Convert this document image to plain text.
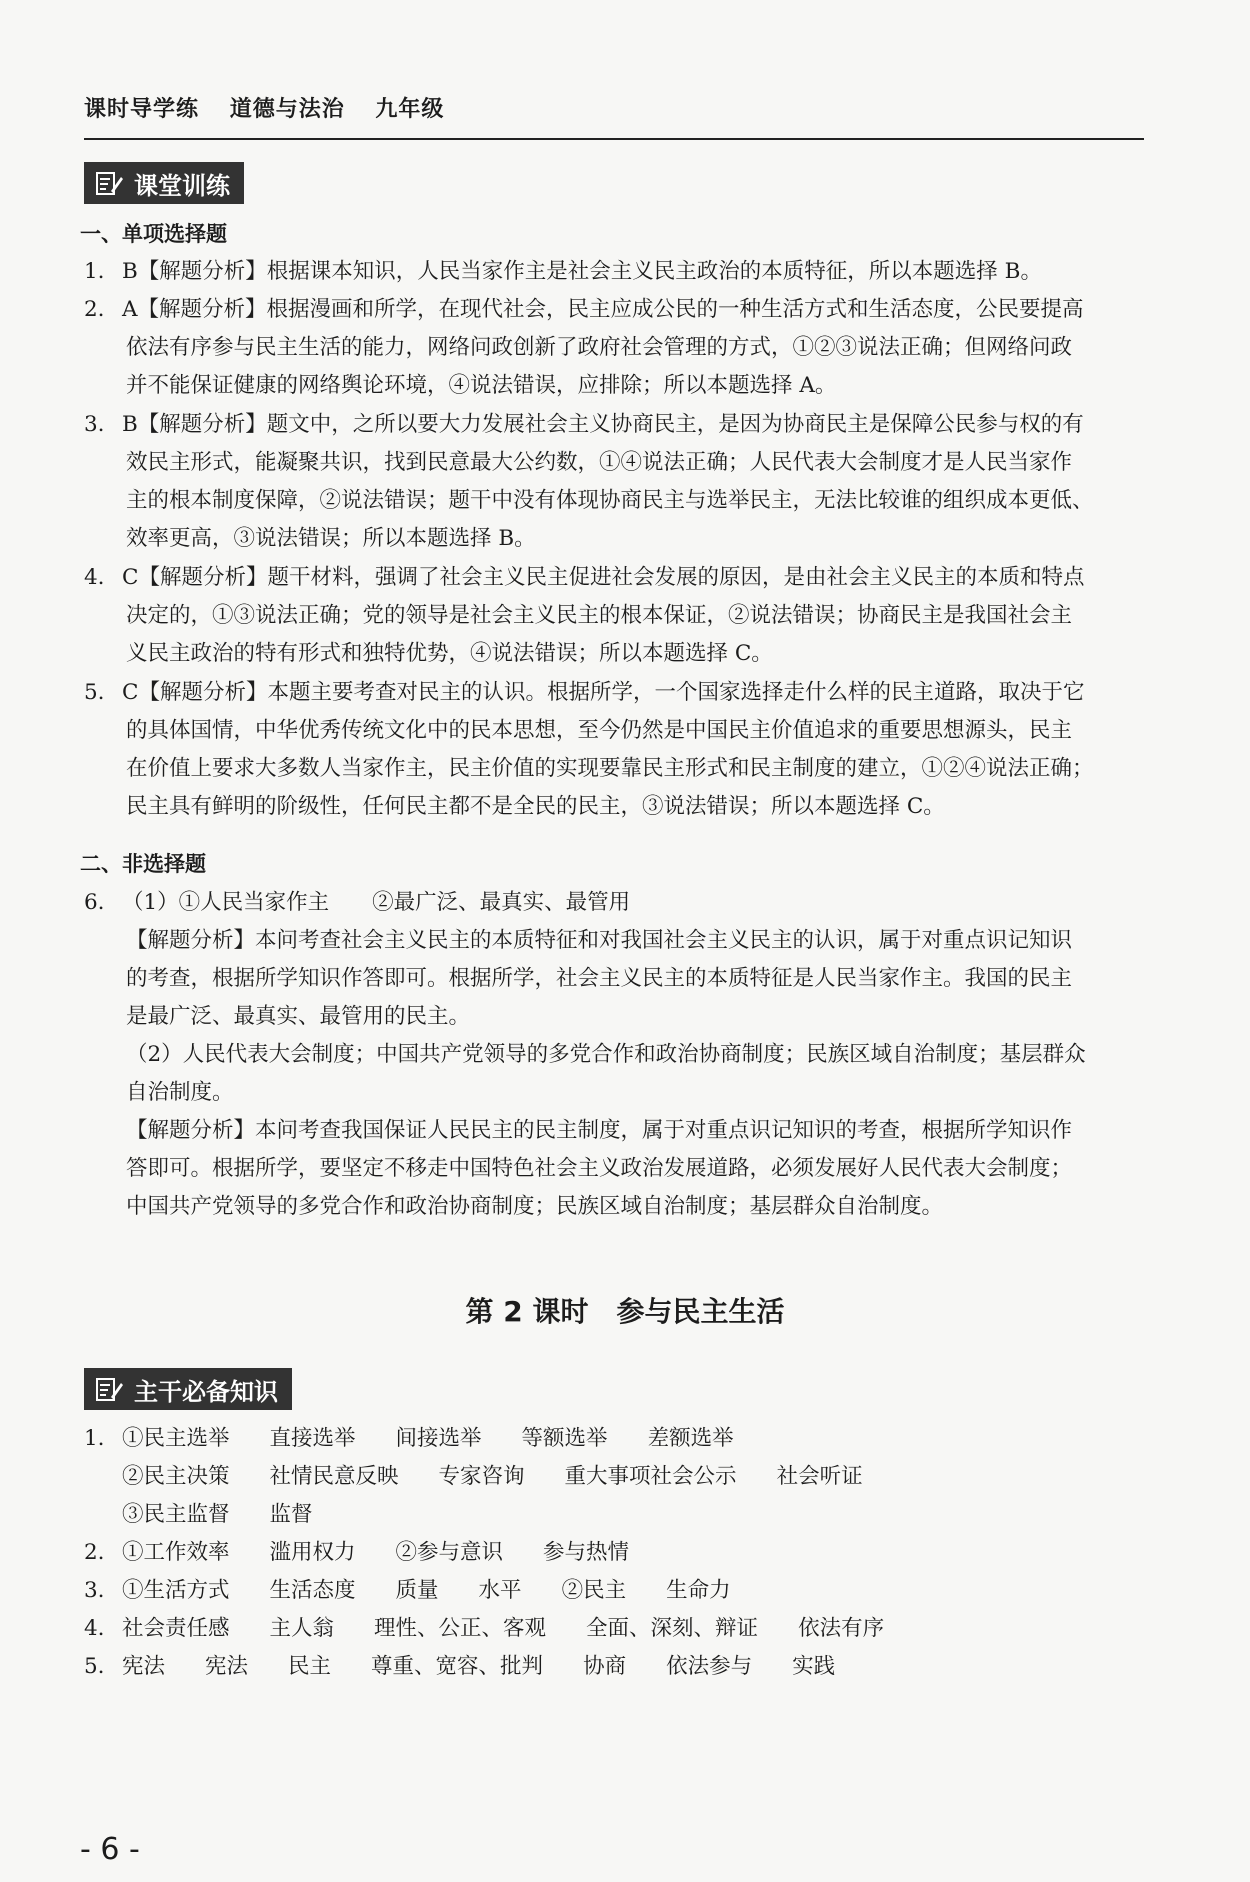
课时导学练 道德与法治 九年级
课堂训练
一、单项选择题
1. B【解题分析】根据课本知识，人民当家作主是社会主义民主政治的本质特征，所以本题选择 B。
2. A【解题分析】根据漫画和所学，在现代社会，民主应成公民的一种生活方式和生活态度，公民要提高
依法有序参与民主生活的能力，网络问政创新了政府社会管理的方式，①②③说法正确；但网络问政
并不能保证健康的网络舆论环境，④说法错误，应排除；所以本题选择 A。
3. B【解题分析】题文中，之所以要大力发展社会主义协商民主，是因为协商民主是保障公民参与权的有
效民主形式，能凝聚共识，找到民意最大公约数，①④说法正确；人民代表大会制度才是人民当家作
主的根本制度保障，②说法错误；题干中没有体现协商民主与选举民主，无法比较谁的组织成本更低、
效率更高，③说法错误；所以本题选择 B。
4. C【解题分析】题干材料，强调了社会主义民主促进社会发展的原因，是由社会主义民主的本质和特点
决定的，①③说法正确；党的领导是社会主义民主的根本保证，②说法错误；协商民主是我国社会主
义民主政治的特有形式和独特优势，④说法错误；所以本题选择 C。
5. C【解题分析】本题主要考查对民主的认识。根据所学，一个国家选择走什么样的民主道路，取决于它
的具体国情，中华优秀传统文化中的民本思想，至今仍然是中国民主价值追求的重要思想源头，民主
在价值上要求大多数人当家作主，民主价值的实现要靠民主形式和民主制度的建立，①②④说法正确；
民主具有鲜明的阶级性，任何民主都不是全民的民主，③说法错误；所以本题选择 C。
二、非选择题
6. （1）①人民当家作主　　②最广泛、最真实、最管用
【解题分析】本问考查社会主义民主的本质特征和对我国社会主义民主的认识，属于对重点识记知识
的考查，根据所学知识作答即可。根据所学，社会主义民主的本质特征是人民当家作主。我国的民主
是最广泛、最真实、最管用的民主。
（2）人民代表大会制度；中国共产党领导的多党合作和政治协商制度；民族区域自治制度；基层群众
自治制度。
【解题分析】本问考查我国保证人民民主的民主制度，属于对重点识记知识的考查，根据所学知识作
答即可。根据所学，要坚定不移走中国特色社会主义政治发展道路，必须发展好人民代表大会制度；
中国共产党领导的多党合作和政治协商制度；民族区域自治制度；基层群众自治制度。
第 2 课时　参与民主生活
主干必备知识
1. ①民主选举 直接选举 间接选举 等额选举 差额选举
②民主决策 社情民意反映 专家咨询 重大事项社会公示 社会听证
③民主监督 监督
2. ①工作效率 滥用权力 ②参与意识 参与热情
3. ①生活方式 生活态度 质量 水平 ②民主 生命力
4. 社会责任感 主人翁 理性、公正、客观 全面、深刻、辩证 依法有序
5. 宪法 宪法 民主 尊重、宽容、批判 协商 依法参与 实践
- 6 -
